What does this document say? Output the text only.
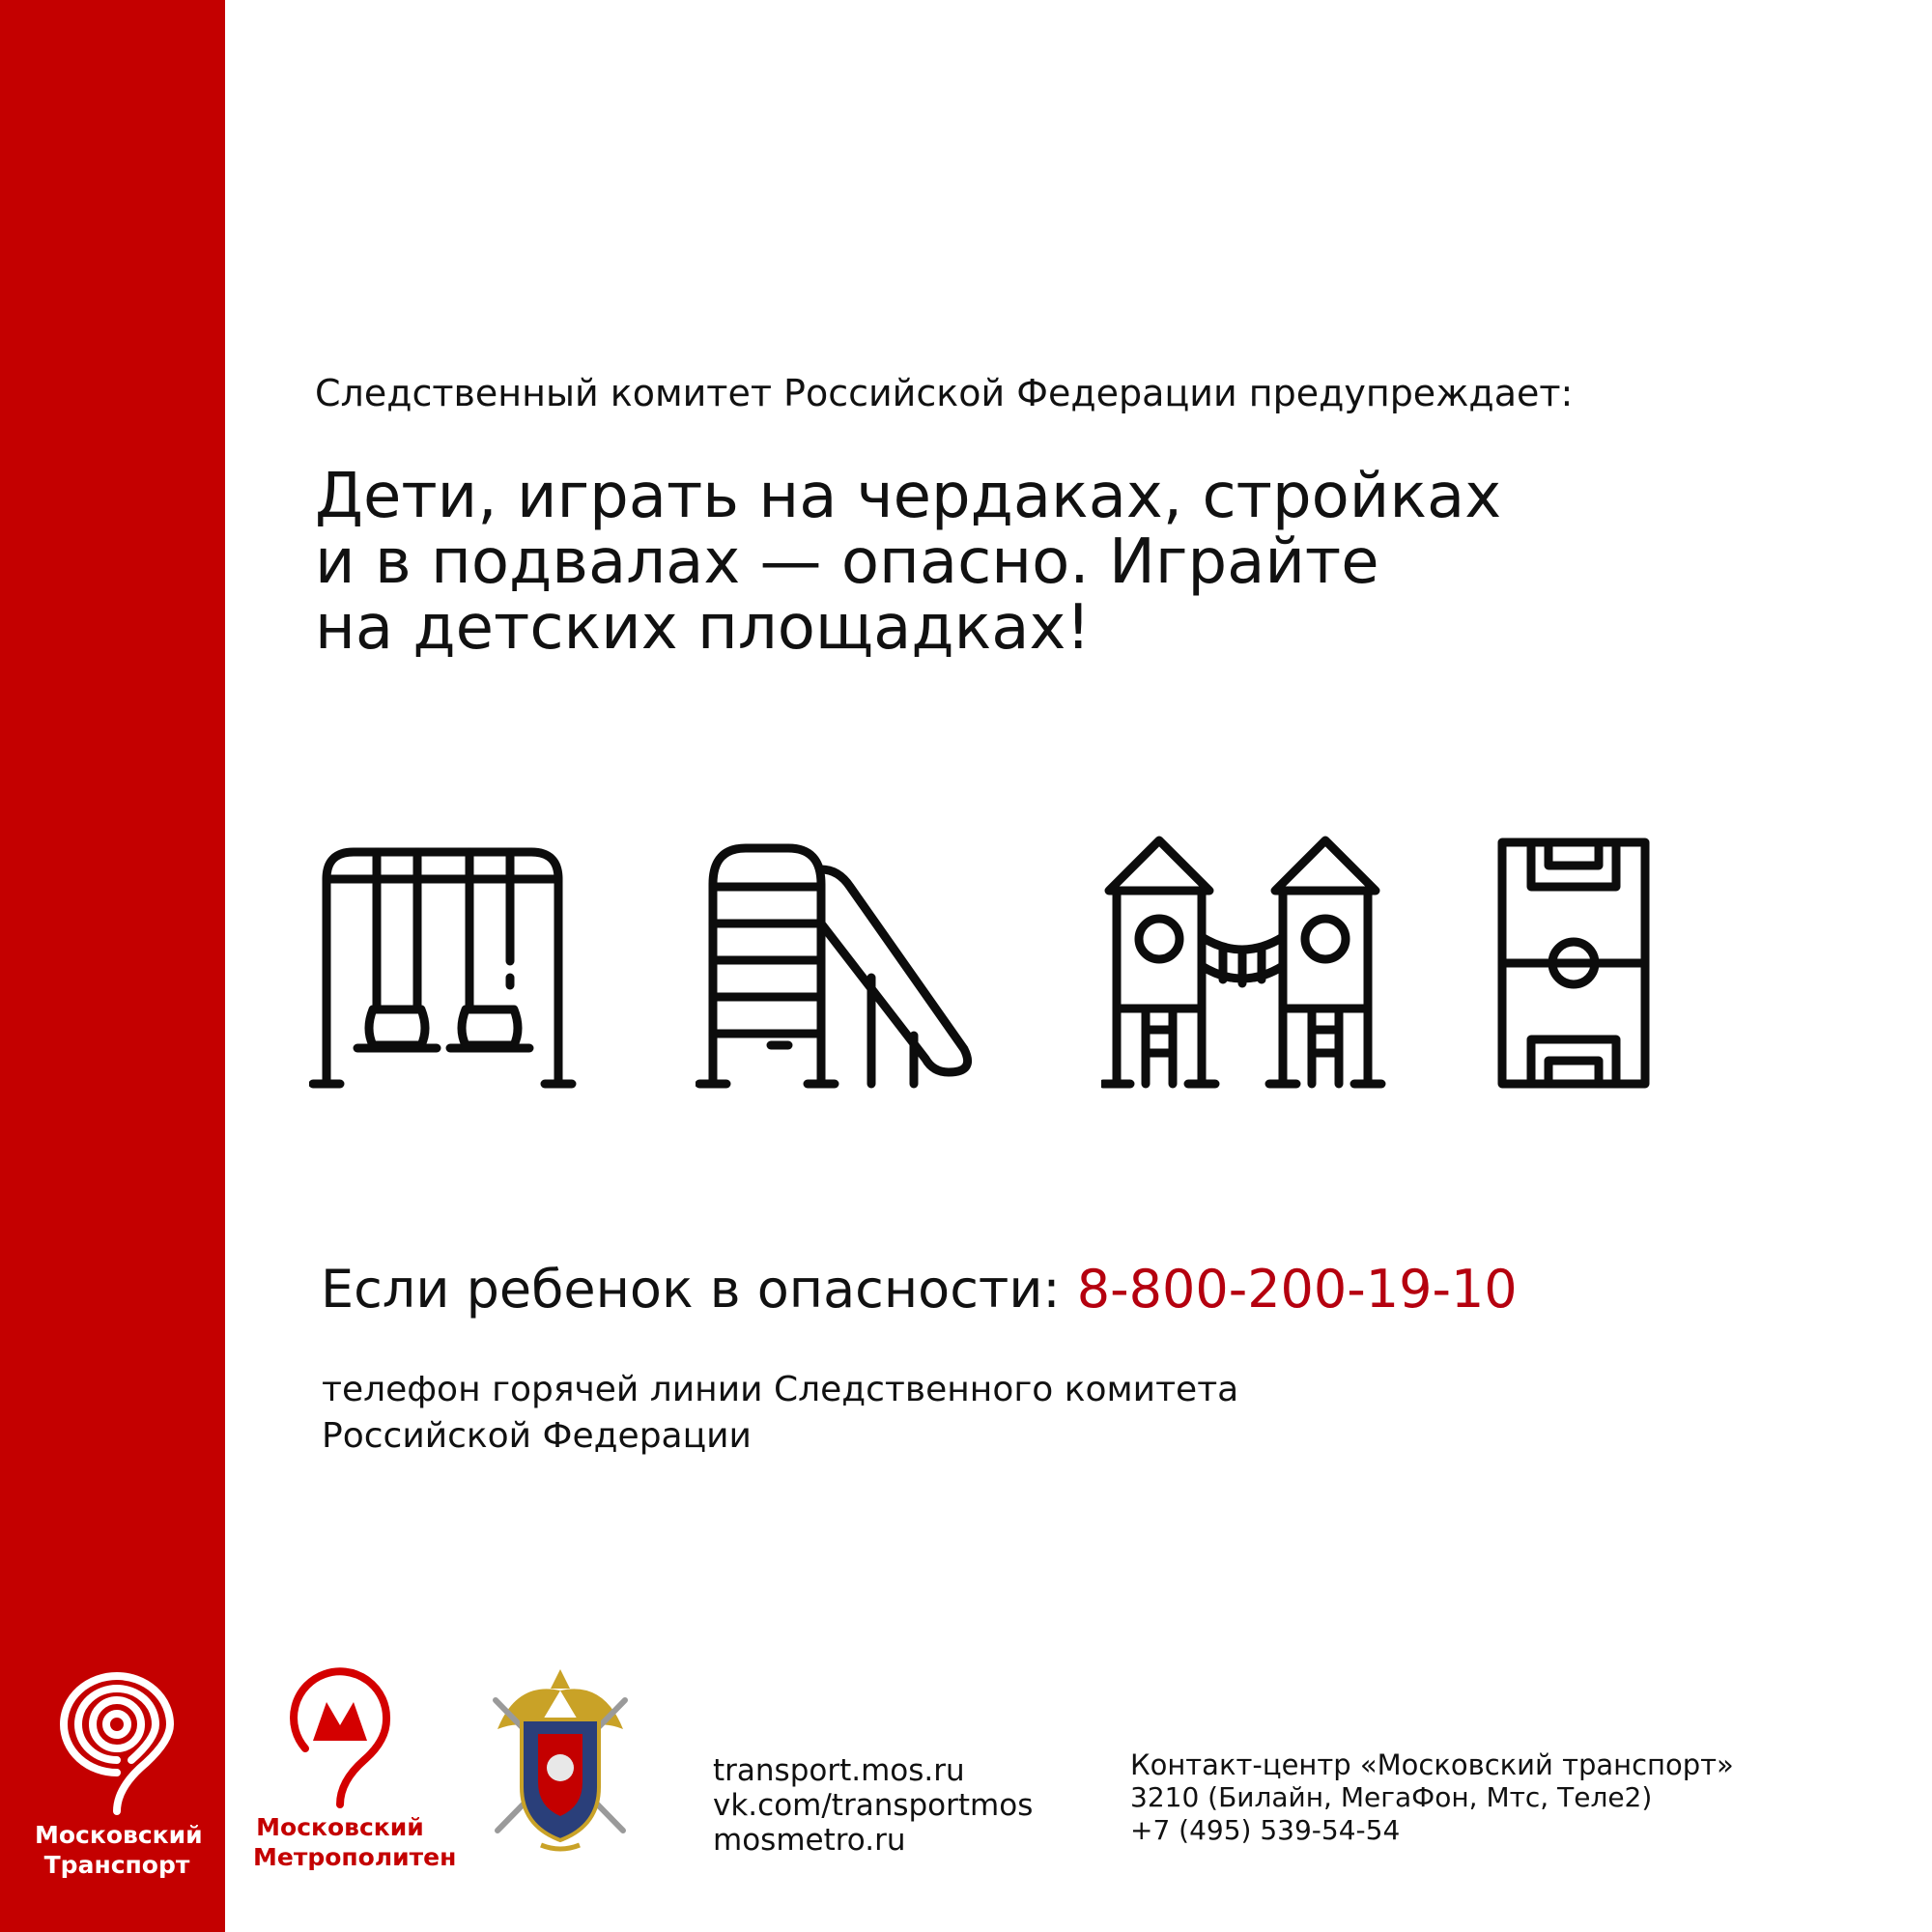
Следственный комитет Российской Федерации предупреждает:
Дети, играть на чердаках, стройках
и в подвалах — опасно. Играйте
на детских площадках!
Если ребенок в опасности: 8-800-200-19-10
телефон горячей линии Следственного комитета
Российской Федерации
Московский
Транспорт
Московский
Метрополитен
transport.mos.ru
vk.com/transportmos
mosmetro.ru
Контакт-центр «Московский транспорт»
3210 (Билайн, МегаФон, Мтс, Теле2)
+7 (495) 539-54-54
